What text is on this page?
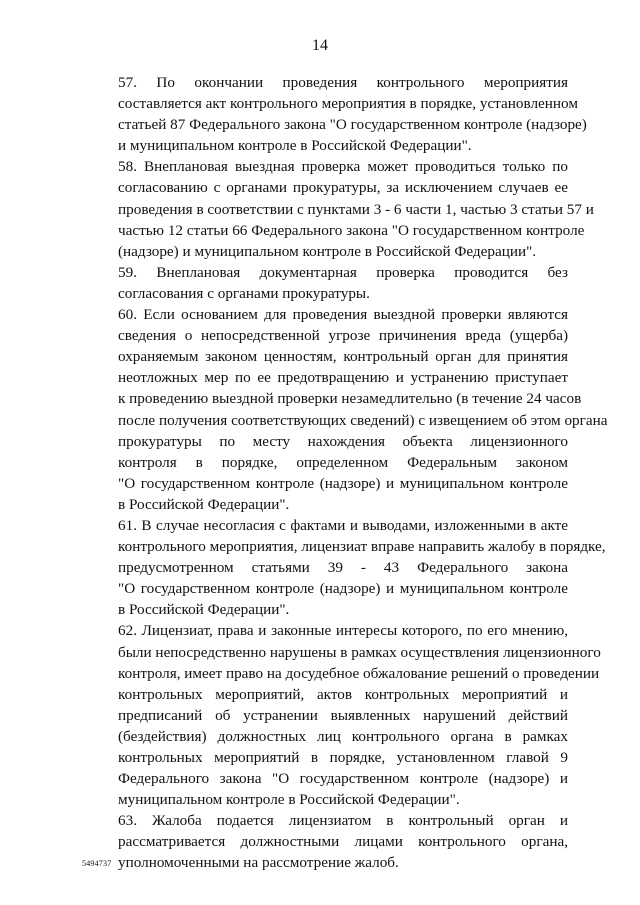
14
57. По окончании проведения контрольного мероприятия
составляется акт контрольного мероприятия в порядке, установленном
статьей 87 Федерального закона "О государственном контроле (надзоре)
и муниципальном контроле в Российской Федерации".
58. Внеплановая выездная проверка может проводиться только по
согласованию с органами прокуратуры, за исключением случаев ее
проведения в соответствии с пунктами 3 - 6 части 1, частью 3 статьи 57 и
частью 12 статьи 66 Федерального закона "О государственном контроле
(надзоре) и муниципальном контроле в Российской Федерации".
59. Внеплановая документарная проверка проводится без
согласования с органами прокуратуры.
60. Если основанием для проведения выездной проверки являются
сведения о непосредственной угрозе причинения вреда (ущерба)
охраняемым законом ценностям, контрольный орган для принятия
неотложных мер по ее предотвращению и устранению приступает
к проведению выездной проверки незамедлительно (в течение 24 часов
после получения соответствующих сведений) с извещением об этом органа
прокуратуры по месту нахождения объекта лицензионного
контроля в порядке, определенном Федеральным законом
"О государственном контроле (надзоре) и муниципальном контроле
в Российской Федерации".
61. В случае несогласия с фактами и выводами, изложенными в акте
контрольного мероприятия, лицензиат вправе направить жалобу в порядке,
предусмотренном статьями 39 - 43 Федерального закона
"О государственном контроле (надзоре) и муниципальном контроле
в Российской Федерации".
62. Лицензиат, права и законные интересы которого, по его мнению,
были непосредственно нарушены в рамках осуществления лицензионного
контроля, имеет право на досудебное обжалование решений о проведении
контрольных мероприятий, актов контрольных мероприятий и
предписаний об устранении выявленных нарушений действий
(бездействия) должностных лиц контрольного органа в рамках
контрольных мероприятий в порядке, установленном главой 9
Федерального закона "О государственном контроле (надзоре) и
муниципальном контроле в Российской Федерации".
63. Жалоба подается лицензиатом в контрольный орган и
рассматривается должностными лицами контрольного органа,
уполномоченными на рассмотрение жалоб.
5494737
